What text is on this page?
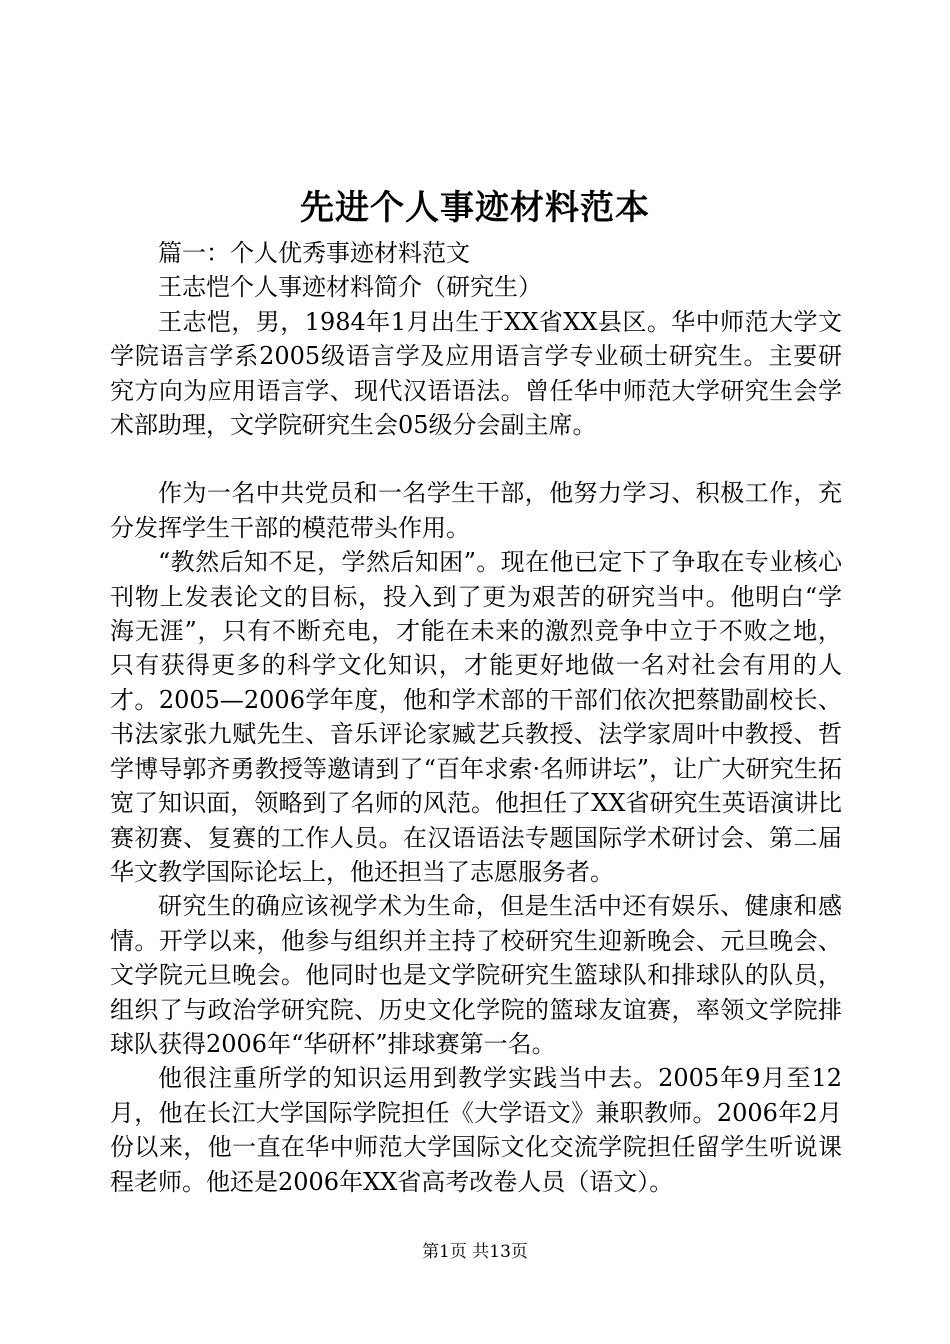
先进个人事迹材料范本

篇一：个人优秀事迹材料范文

王志恺个人事迹材料简介（研究生）

王志恺，男，1984年1月出生于XX省XX县区。华中师范大学文学院语言学系2005级语言学及应用语言学专业硕士研究生。主要研究方向为应用语言学、现代汉语语法。曾任华中师范大学研究生会学术部助理，文学院研究生会05级分会副主席。

作为一名中共党员和一名学生干部，他努力学习、积极工作，充分发挥学生干部的模范带头作用。

“教然后知不足，学然后知困”。现在他已定下了争取在专业核心刊物上发表论文的目标，投入到了更为艰苦的研究当中。他明白“学海无涯”，只有不断充电，才能在未来的激烈竞争中立于不败之地，只有获得更多的科学文化知识，才能更好地做一名对社会有用的人才。2005—2006学年度，他和学术部的干部们依次把蔡勖副校长、书法家张九赋先生、音乐评论家臧艺兵教授、法学家周叶中教授、哲学博导郭齐勇教授等邀请到了“百年求索·名师讲坛”，让广大研究生拓宽了知识面，领略到了名师的风范。他担任了XX省研究生英语演讲比赛初赛、复赛的工作人员。在汉语语法专题国际学术研讨会、第二届华文教学国际论坛上，他还担当了志愿服务者。

研究生的确应该视学术为生命，但是生活中还有娱乐、健康和感情。开学以来，他参与组织并主持了校研究生迎新晚会、元旦晚会、文学院元旦晚会。他同时也是文学院研究生篮球队和排球队的队员，组织了与政治学研究院、历史文化学院的篮球友谊赛，率领文学院排球队获得2006年“华研杯”排球赛第一名。

他很注重所学的知识运用到教学实践当中去。2005年9月至12月，他在长江大学国际学院担任《大学语文》兼职教师。2006年2月份以来，他一直在华中师范大学国际文化交流学院担任留学生听说课程老师。他还是2006年XX省高考改卷人员（语文）。

第1页 共13页
